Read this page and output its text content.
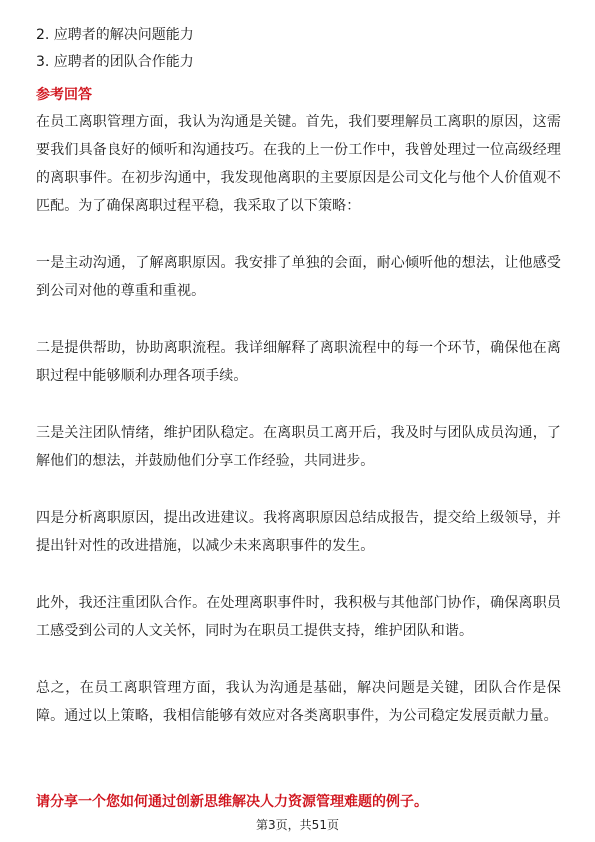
2. 应聘者的解决问题能力

3. 应聘者的团队合作能力

参考回答

在员工离职管理方面，我认为沟通是关键。首先，我们要理解员工离职的原因，这需要我们具备良好的倾听和沟通技巧。在我的上一份工作中，我曾处理过一位高级经理的离职事件。在初步沟通中，我发现他离职的主要原因是公司文化与他个人价值观不匹配。为了确保离职过程平稳，我采取了以下策略：

一是主动沟通，了解离职原因。我安排了单独的会面，耐心倾听他的想法，让他感受到公司对他的尊重和重视。

二是提供帮助，协助离职流程。我详细解释了离职流程中的每一个环节，确保他在离职过程中能够顺利办理各项手续。

三是关注团队情绪，维护团队稳定。在离职员工离开后，我及时与团队成员沟通，了解他们的想法，并鼓励他们分享工作经验，共同进步。

四是分析离职原因，提出改进建议。我将离职原因总结成报告，提交给上级领导，并提出针对性的改进措施，以减少未来离职事件的发生。

此外，我还注重团队合作。在处理离职事件时，我积极与其他部门协作，确保离职员工感受到公司的人文关怀，同时为在职员工提供支持，维护团队和谐。

总之，在员工离职管理方面，我认为沟通是基础，解决问题是关键，团队合作是保障。通过以上策略，我相信能够有效应对各类离职事件，为公司稳定发展贡献力量。

请分享一个您如何通过创新思维解决人力资源管理难题的例子。
第3页，共51页
